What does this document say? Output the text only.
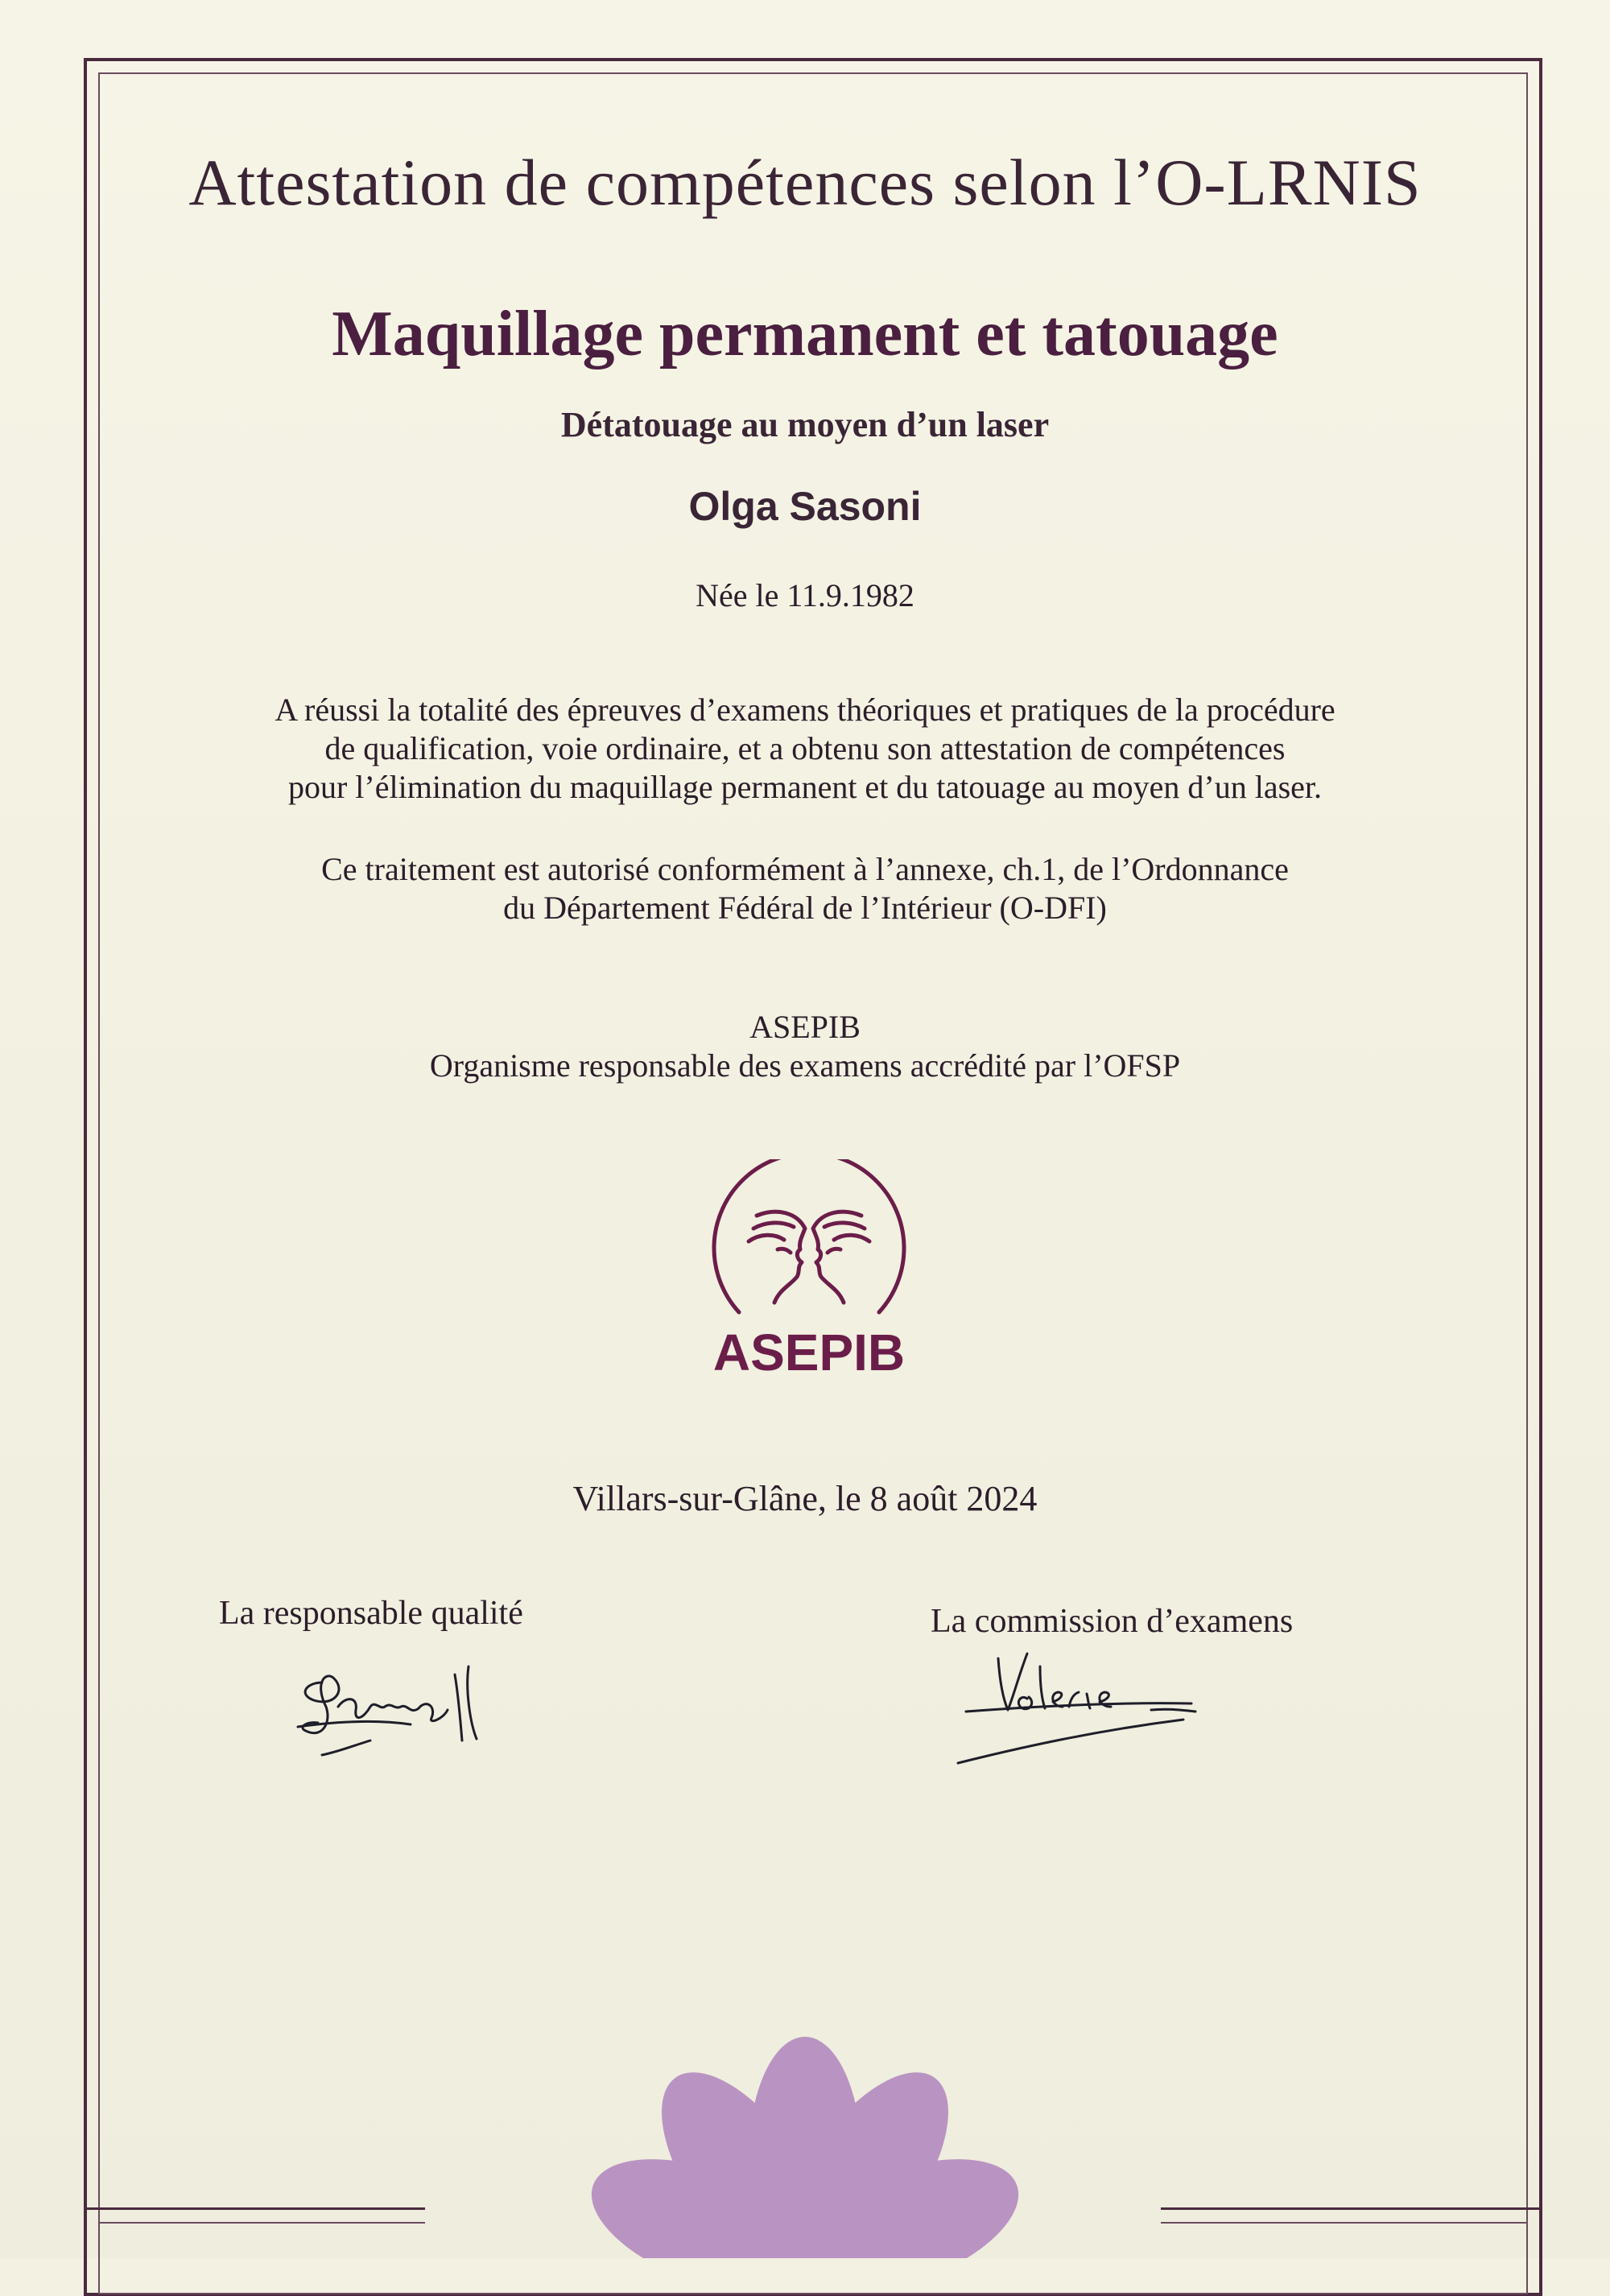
Attestation de compétences selon l’O-LRNIS
Maquillage permanent et tatouage
Détatouage au moyen d’un laser
Olga Sasoni
Née le 11.9.1982
A réussi la totalité des épreuves d’examens théoriques et pratiques de la procédure
de qualification, voie ordinaire, et a obtenu son attestation de compétences
pour l’élimination du maquillage permanent et du tatouage au moyen d’un laser.
Ce traitement est autorisé conformément à l’annexe, ch.1, de l’Ordonnance
du Département Fédéral de l’Intérieur (O-DFI)
ASEPIB
Organisme responsable des examens accrédité par l’OFSP
ASEPIB
Villars-sur-Glâne, le 8 août 2024
La responsable qualité	La commission d’examens
